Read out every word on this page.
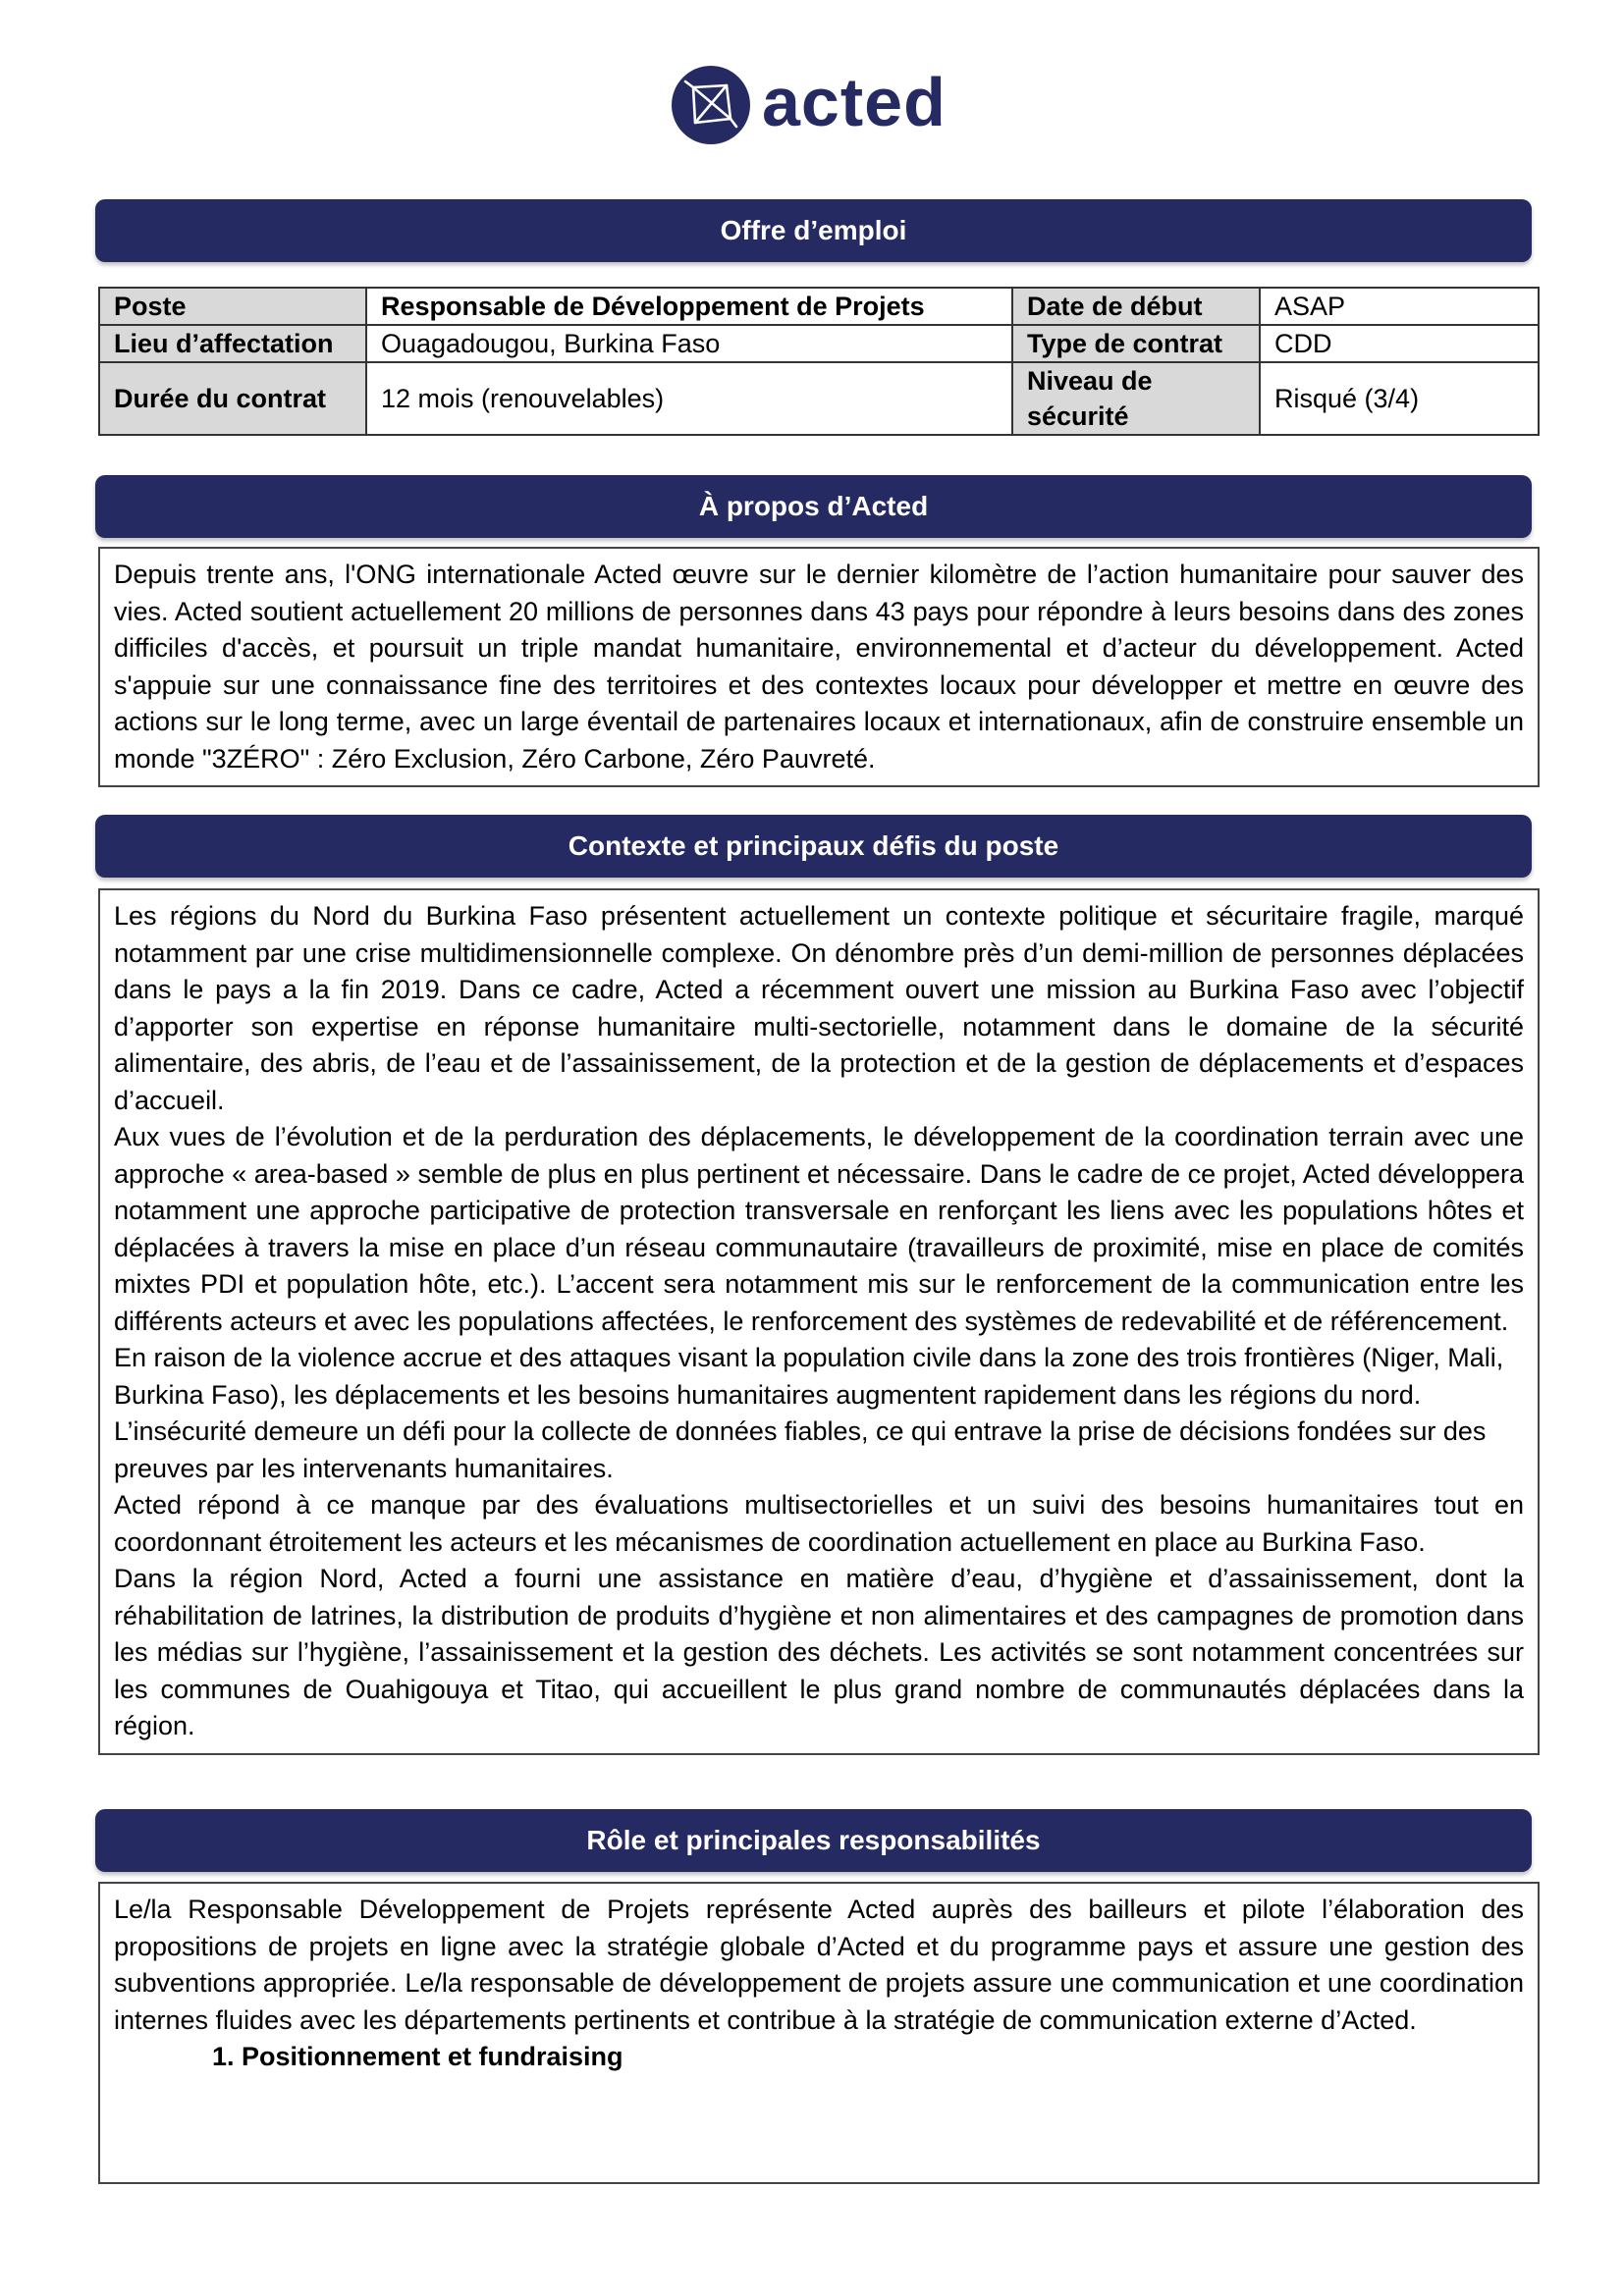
acted
Offre d’emploi
Poste	Responsable de Développement de Projets	Date de début	ASAP
Lieu d’affectation	Ouagadougou, Burkina Faso	Type de contrat	CDD
Durée du contrat	12 mois (renouvelables)	Niveau de sécurité	Risqué (3/4)
À propos d’Acted

Depuis trente ans, l'ONG internationale Acted œuvre sur le dernier kilomètre de l’action humanitaire pour sauver des vies. Acted soutient actuellement 20 millions de personnes dans 43 pays pour répondre à leurs besoins dans des zones difficiles d'accès, et poursuit un triple mandat humanitaire, environnemental et d’acteur du développement. Acted s'appuie sur une connaissance fine des territoires et des contextes locaux pour développer et mettre en œuvre des actions sur le long terme, avec un large éventail de partenaires locaux et internationaux, afin de construire ensemble un monde "3ZÉRO" : Zéro Exclusion, Zéro Carbone, Zéro Pauvreté.

Contexte et principaux défis du poste

Les régions du Nord du Burkina Faso présentent actuellement un contexte politique et sécuritaire fragile, marqué notamment par une crise multidimensionnelle complexe. On dénombre près d’un demi-million de personnes déplacées dans le pays a la fin 2019. Dans ce cadre, Acted a récemment ouvert une mission au Burkina Faso avec l’objectif d’apporter son expertise en réponse humanitaire multi-sectorielle, notamment dans le domaine de la sécurité alimentaire, des abris, de l’eau et de l’assainissement, de la protection et de la gestion de déplacements et d’espaces d’accueil.

Aux vues de l’évolution et de la perduration des déplacements, le développement de la coordination terrain avec une approche « area-based » semble de plus en plus pertinent et nécessaire. Dans le cadre de ce projet, Acted développera notamment une approche participative de protection transversale en renforçant les liens avec les populations hôtes et déplacées à travers la mise en place d’un réseau communautaire (travailleurs de proximité, mise en place de comités mixtes PDI et population hôte, etc.). L’accent sera notamment mis sur le renforcement de la communication entre les différents acteurs et avec les populations affectées, le renforcement des systèmes de redevabilité et de référencement.

En raison de la violence accrue et des attaques visant la population civile dans la zone des trois frontières (Niger, Mali, Burkina Faso), les déplacements et les besoins humanitaires augmentent rapidement dans les régions du nord. L’insécurité demeure un défi pour la collecte de données fiables, ce qui entrave la prise de décisions fondées sur des preuves par les intervenants humanitaires.

Acted répond à ce manque par des évaluations multisectorielles et un suivi des besoins humanitaires tout en coordonnant étroitement les acteurs et les mécanismes de coordination actuellement en place au Burkina Faso.

Dans la région Nord, Acted a fourni une assistance en matière d’eau, d’hygiène et d’assainissement, dont la réhabilitation de latrines, la distribution de produits d’hygiène et non alimentaires et des campagnes de promotion dans les médias sur l’hygiène, l’assainissement et la gestion des déchets. Les activités se sont notamment concentrées sur les communes de Ouahigouya et Titao, qui accueillent le plus grand nombre de communautés déplacées dans la région.

Rôle et principales responsabilités

Le/la Responsable Développement de Projets représente Acted auprès des bailleurs et pilote l’élaboration des propositions de projets en ligne avec la stratégie globale d’Acted et du programme pays et assure une gestion des subventions appropriée. Le/la responsable de développement de projets assure une communication et une coordination internes fluides avec les départements pertinents et contribue à la stratégie de communication externe d’Acted.

1. Positionnement et fundraising
